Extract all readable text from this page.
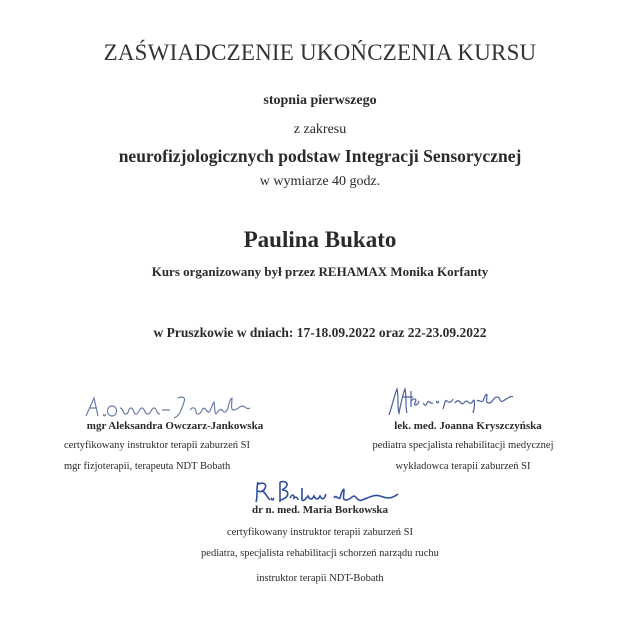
ZAŚWIADCZENIE UKOŃCZENIA KURSU
stopnia pierwszego
z zakresu
neurofizjologicznych podstaw Integracji Sensorycznej
w wymiarze 40 godz.
Paulina Bukato
Kurs organizowany był przez REHAMAX Monika Korfanty
w Pruszkowie w dniach: 17-18.09.2022 oraz 22-23.09.2022
mgr Aleksandra Owczarz-Jankowska
certyfikowany instruktor terapii zaburzeń SI
mgr fizjoterapii, terapeuta NDT Bobath
lek. med. Joanna Kryszczyńska
pediatra specjalista rehabilitacji medycznej
wykładowca terapii zaburzeń SI
dr n. med. Maria Borkowska
certyfikowany instruktor terapii zaburzeń SI
pediatra, specjalista rehabilitacji schorzeń narządu ruchu
instruktor terapii NDT-Bobath
